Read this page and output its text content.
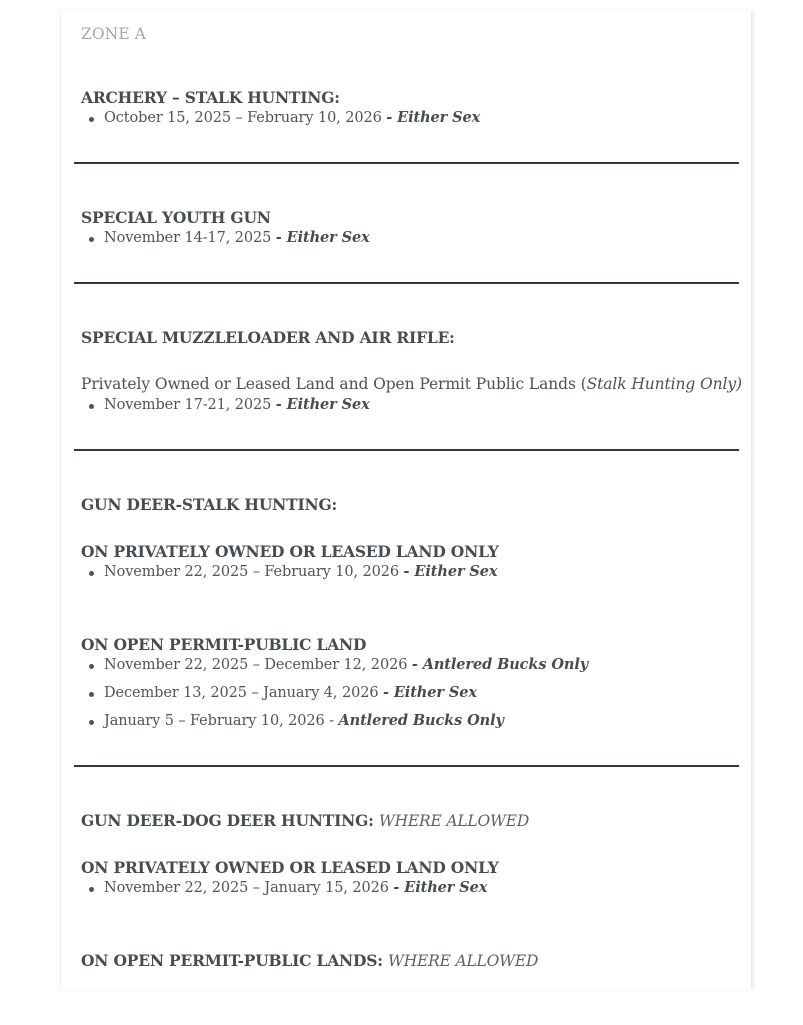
ZONE A
ARCHERY – STALK HUNTING:
October 15, 2025 – February 10, 2026 - Either Sex
SPECIAL YOUTH GUN
November 14-17, 2025 - Either Sex
SPECIAL MUZZLELOADER AND AIR RIFLE:
Privately Owned or Leased Land and Open Permit Public Lands (Stalk Hunting Only)
November 17-21, 2025 - Either Sex
GUN DEER-STALK HUNTING:
ON PRIVATELY OWNED OR LEASED LAND ONLY
November 22, 2025 – February 10, 2026 - Either Sex
ON OPEN PERMIT-PUBLIC LAND
November 22, 2025 – December 12, 2026 - Antlered Bucks Only
December 13, 2025 – January 4, 2026 - Either Sex
January 5 – February 10, 2026 - Antlered Bucks Only
GUN DEER-DOG DEER HUNTING: WHERE ALLOWED
ON PRIVATELY OWNED OR LEASED LAND ONLY
November 22, 2025 – January 15, 2026 - Either Sex
ON OPEN PERMIT-PUBLIC LANDS: WHERE ALLOWED
